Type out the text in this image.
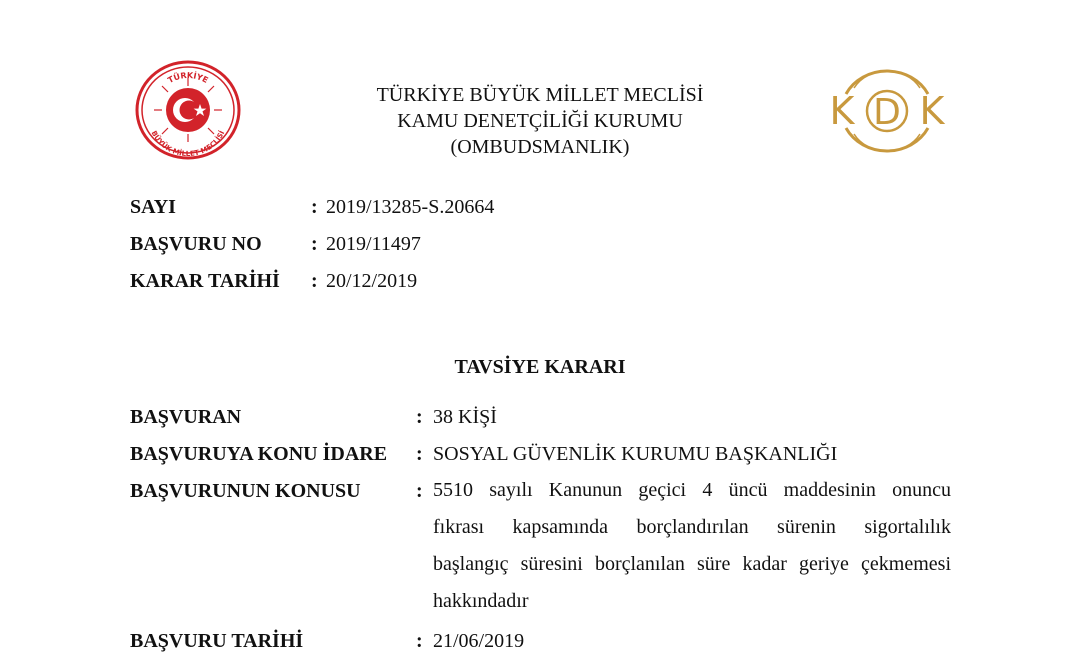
TÜRKİYE
BÜYÜK MİLLET MECLİSİ
TÜRKİYE BÜYÜK MİLLET MECLİSİ
KAMU DENETÇİLİĞİ KURUMU
(OMBUDSMANLIK)
K D K
SAYI	: 2019/13285-S.20664
BAŞVURU NO : 2019/11497
KARAR TARİHİ : 20/12/2019
TAVSİYE KARARI
BAŞVURAN	: 38 KİŞİ
BAŞVURUYA KONU İDARE : SOSYAL GÜVENLİK KURUMU BAŞKANLIĞI
BAŞVURUNUN KONUSU	: 5510 sayılı Kanunun geçici 4 üncü maddesinin onuncu
fıkrası kapsamında borçlandırılan sürenin sigortalılık
başlangıç süresini borçlanılan süre kadar geriye çekmemesi
hakkındadır
BAŞVURU TARİHİ	: 21/06/2019
